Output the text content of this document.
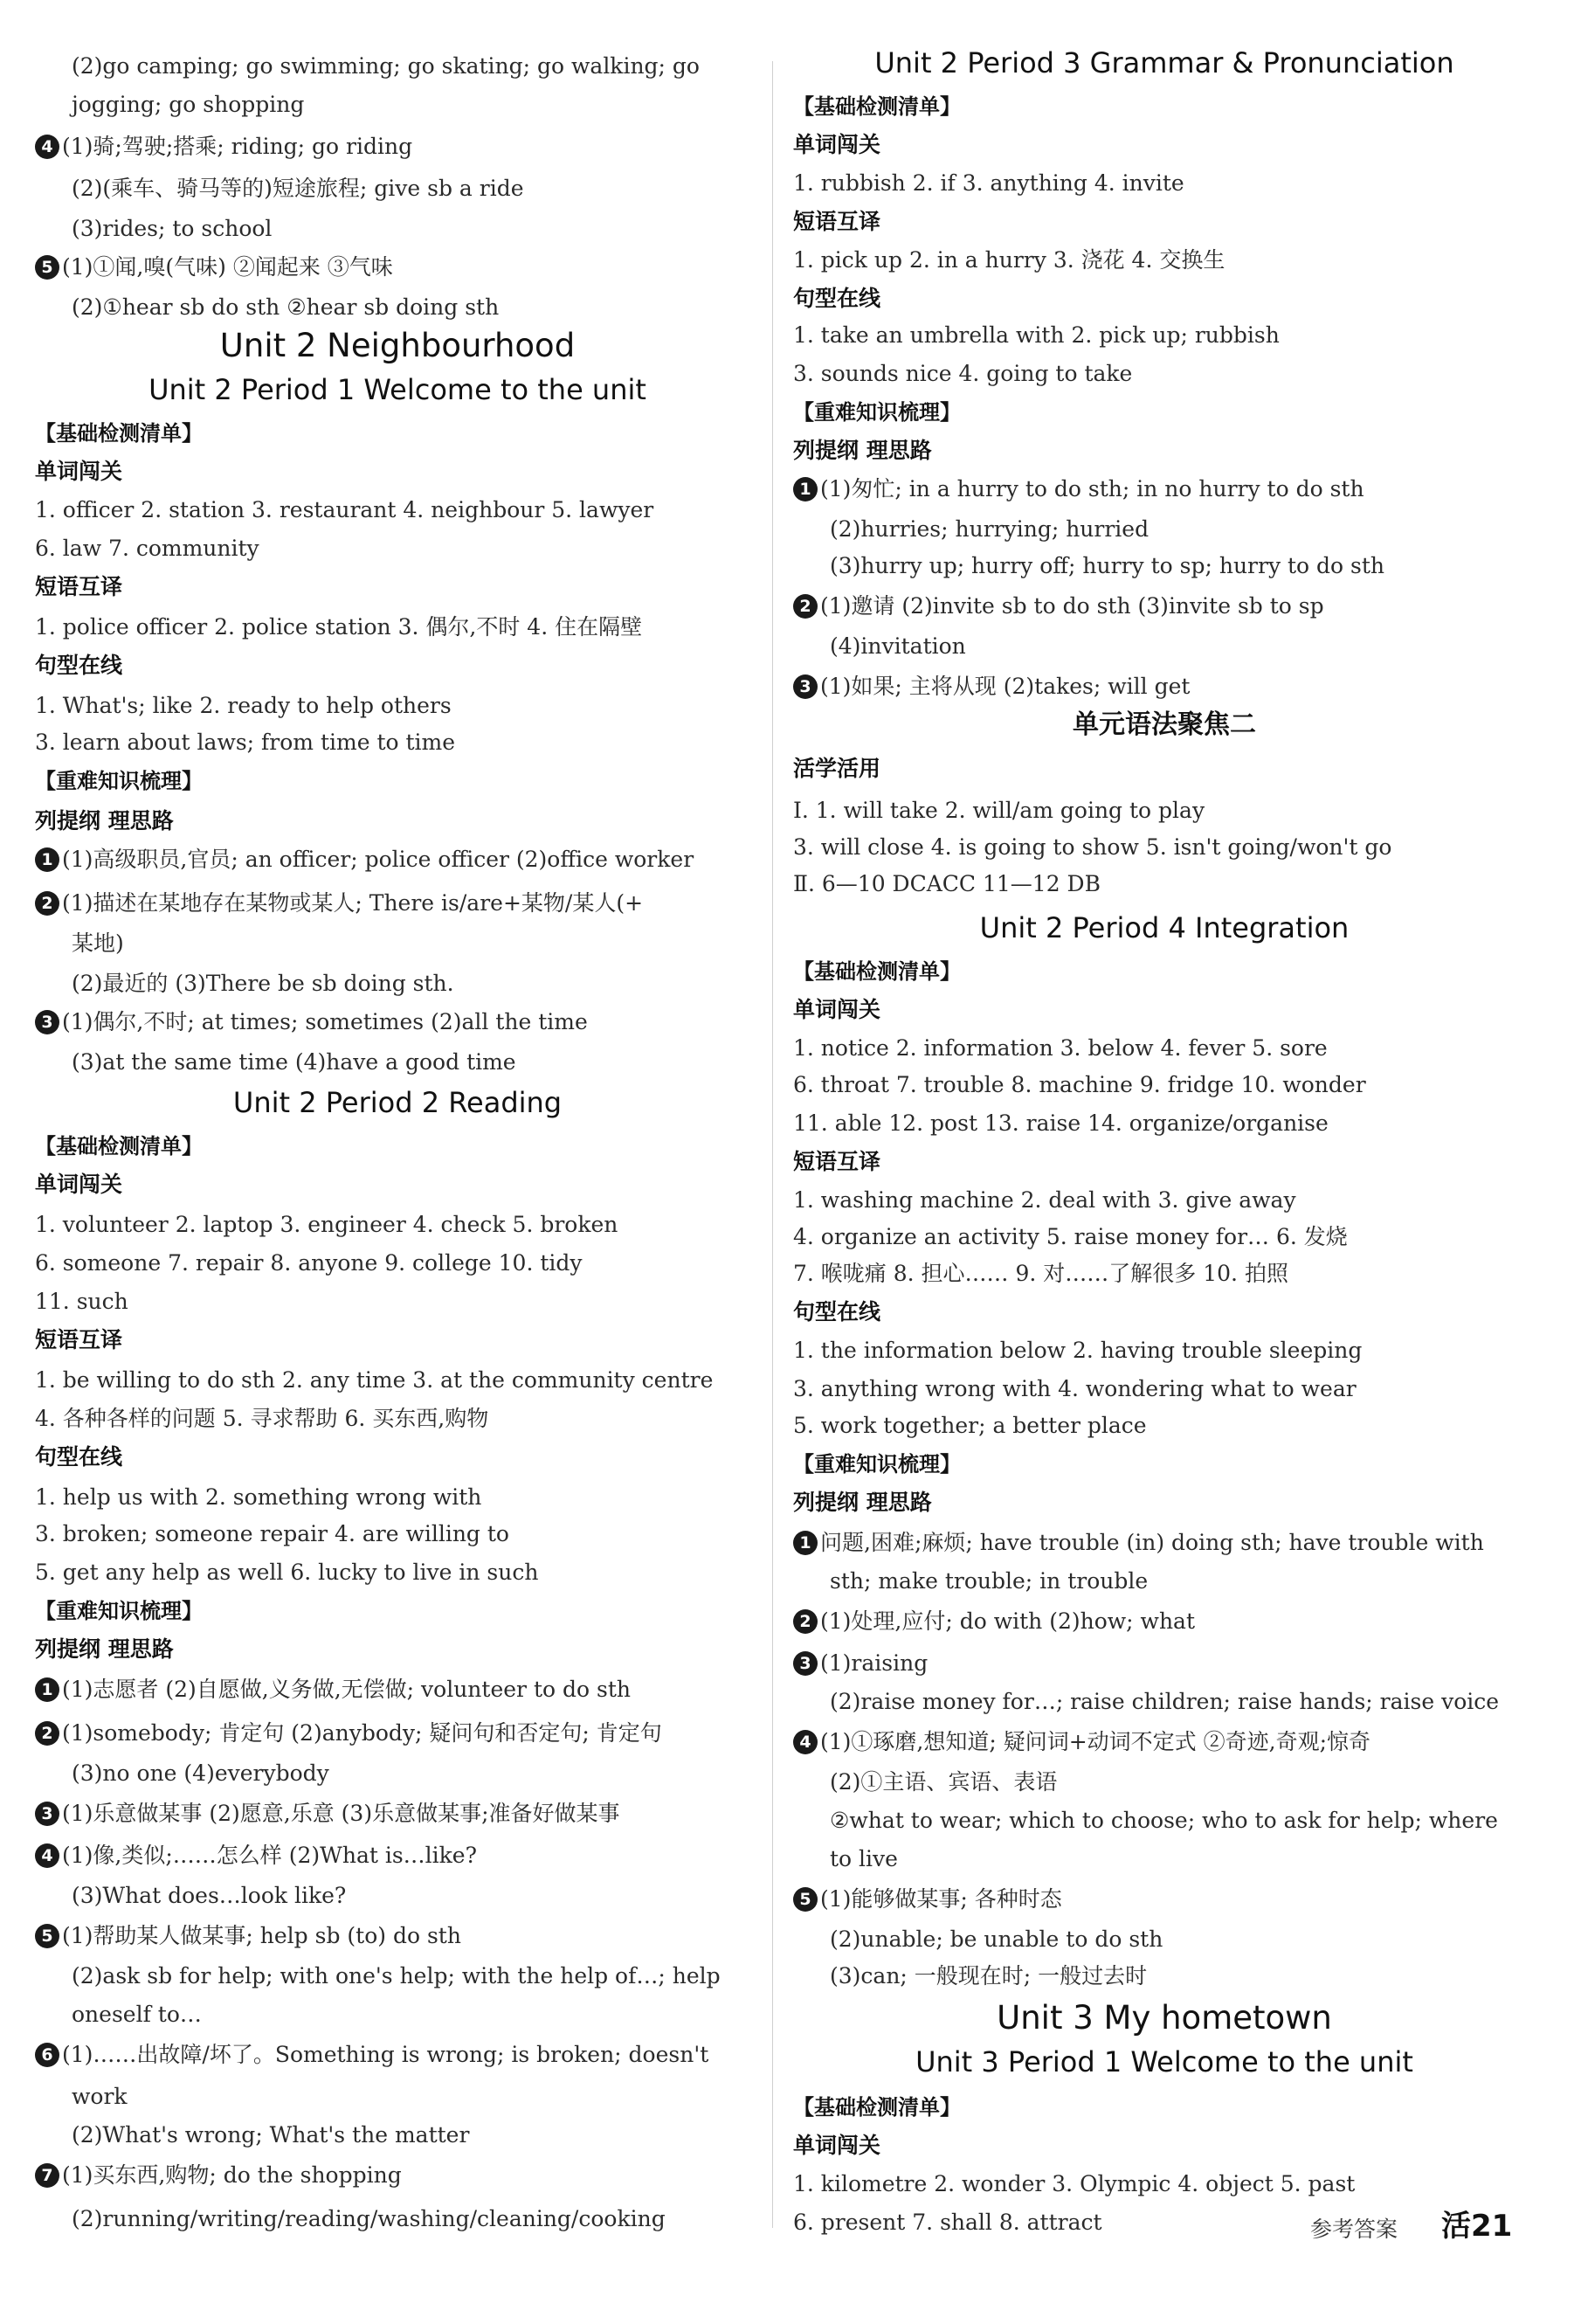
(2)go camping; go swimming; go skating; go walking; go
jogging; go shopping
4 (1)骑;驾驶;搭乘; riding; go riding
(2)(乘车、骑马等的)短途旅程; give sb a ride
(3)rides; to school
5 (1)①闻,嗅(气味) ②闻起来 ③气味
(2)①hear sb do sth ②hear sb doing sth
Unit 2 Neighbourhood
Unit 2 Period 1 Welcome to the unit
【基础检测清单】
单词闯关
1. officer 2. station 3. restaurant 4. neighbour 5. lawyer
6. law 7. community
短语互译
1. police officer 2. police station 3. 偶尔,不时 4. 住在隔壁
句型在线
1. What's; like 2. ready to help others
3. learn about laws; from time to time
【重难知识梳理】
列提纲 理思路
1 (1)高级职员,官员; an officer; police officer (2)office worker
2 (1)描述在某地存在某物或某人; There is/are+某物/某人(+
某地)
(2)最近的 (3)There be sb doing sth.
3 (1)偶尔,不时; at times; sometimes (2)all the time
(3)at the same time (4)have a good time
Unit 2 Period 2 Reading
【基础检测清单】
单词闯关
1. volunteer 2. laptop 3. engineer 4. check 5. broken
6. someone 7. repair 8. anyone 9. college 10. tidy
11. such
短语互译
1. be willing to do sth 2. any time 3. at the community centre
4. 各种各样的问题 5. 寻求帮助 6. 买东西,购物
句型在线
1. help us with 2. something wrong with
3. broken; someone repair 4. are willing to
5. get any help as well 6. lucky to live in such
【重难知识梳理】
列提纲 理思路
1 (1)志愿者 (2)自愿做,义务做,无偿做; volunteer to do sth
2 (1)somebody; 肯定句 (2)anybody; 疑问句和否定句; 肯定句
(3)no one (4)everybody
3 (1)乐意做某事 (2)愿意,乐意 (3)乐意做某事;准备好做某事
4 (1)像,类似;……怎么样 (2)What is…like?
(3)What does…look like?
5 (1)帮助某人做某事; help sb (to) do sth
(2)ask sb for help; with one's help; with the help of…; help
oneself to…
6 (1)……出故障/坏了。Something is wrong; is broken; doesn't
work
(2)What's wrong; What's the matter
7 (1)买东西,购物; do the shopping
(2)running/writing/reading/washing/cleaning/cooking
Unit 2 Period 3 Grammar & Pronunciation
【基础检测清单】
单词闯关
1. rubbish 2. if 3. anything 4. invite
短语互译
1. pick up 2. in a hurry 3. 浇花 4. 交换生
句型在线
1. take an umbrella with 2. pick up; rubbish
3. sounds nice 4. going to take
【重难知识梳理】
列提纲 理思路
1 (1)匆忙; in a hurry to do sth; in no hurry to do sth
(2)hurries; hurrying; hurried
(3)hurry up; hurry off; hurry to sp; hurry to do sth
2 (1)邀请 (2)invite sb to do sth (3)invite sb to sp
(4)invitation
3 (1)如果; 主将从现 (2)takes; will get
单元语法聚焦二
活学活用
Ⅰ. 1. will take 2. will/am going to play
3. will close 4. is going to show 5. isn't going/won't go
Ⅱ. 6—10 DCACC 11—12 DB
Unit 2 Period 4 Integration
【基础检测清单】
单词闯关
1. notice 2. information 3. below 4. fever 5. sore
6. throat 7. trouble 8. machine 9. fridge 10. wonder
11. able 12. post 13. raise 14. organize/organise
短语互译
1. washing machine 2. deal with 3. give away
4. organize an activity 5. raise money for… 6. 发烧
7. 喉咙痛 8. 担心…… 9. 对……了解很多 10. 拍照
句型在线
1. the information below 2. having trouble sleeping
3. anything wrong with 4. wondering what to wear
5. work together; a better place
【重难知识梳理】
列提纲 理思路
1 问题,困难;麻烦; have trouble (in) doing sth; have trouble with
sth; make trouble; in trouble
2 (1)处理,应付; do with (2)how; what
3 (1)raising
(2)raise money for…; raise children; raise hands; raise voice
4 (1)①琢磨,想知道; 疑问词+动词不定式 ②奇迹,奇观;惊奇
(2)①主语、宾语、表语
②what to wear; which to choose; who to ask for help; where
to live
5 (1)能够做某事; 各种时态
(2)unable; be unable to do sth
(3)can; 一般现在时; 一般过去时
Unit 3 My hometown
Unit 3 Period 1 Welcome to the unit
【基础检测清单】
单词闯关
1. kilometre 2. wonder 3. Olympic 4. object 5. past
6. present 7. shall 8. attract	参考答案 活21
